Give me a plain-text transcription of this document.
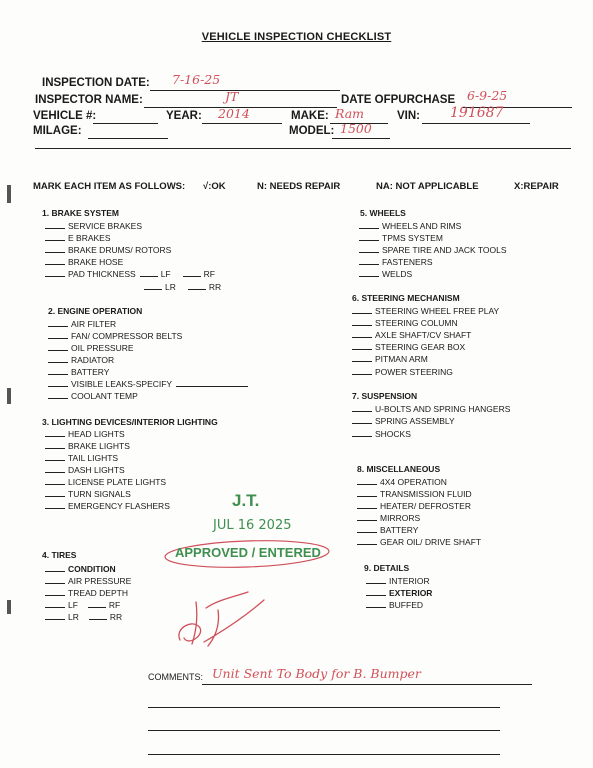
VEHICLE INSPECTION CHECKLIST
INSPECTION DATE: 7-16-25
INSPECTOR NAME:	JT	DATE OFPURCHASE 6-9-25
VEHICLE #:	YEAR: 2014	MAKE: Ram	VIN: 191687
MILAGE:	MODEL: 1500
MARK EACH ITEM AS FOLLOWS: √:OK	N: NEEDS REPAIR	NA: NOT APPLICABLE	X:REPAIR
1. BRAKE SYSTEM
SERVICE BRAKES
E BRAKES
BRAKE DRUMS/ ROTORS
BRAKE HOSE
PAD THICKNESS	LF	RF
LR	RR
2. ENGINE OPERATION
AIR FILTER
FAN/ COMPRESSOR BELTS
OIL PRESSURE
RADIATOR
BATTERY
VISIBLE LEAKS-SPECIFY
COOLANT TEMP
3. LIGHTING DEVICES/INTERIOR LIGHTING
HEAD LIGHTS
BRAKE LIGHTS
TAIL LIGHTS
DASH LIGHTS
LICENSE PLATE LIGHTS
TURN SIGNALS
EMERGENCY FLASHERS
4. TIRES
CONDITION
AIR PRESSURE
TREAD DEPTH
LF	RF
LR	RR
5. WHEELS
WHEELS AND RIMS
TPMS SYSTEM
SPARE TIRE AND JACK TOOLS
FASTENERS
WELDS
6. STEERING MECHANISM
STEERING WHEEL FREE PLAY
STEERING COLUMN
AXLE SHAFT/CV SHAFT
STEERING GEAR BOX
PITMAN ARM
POWER STEERING
7. SUSPENSION
U-BOLTS AND SPRING HANGERS
SPRING ASSEMBLY
SHOCKS
8. MISCELLANEOUS
4X4 OPERATION
TRANSMISSION FLUID
HEATER/ DEFROSTER
MIRRORS
BATTERY
GEAR OIL/ DRIVE SHAFT
9. DETAILS
INTERIOR
EXTERIOR
BUFFED
J.T.
JUL 16 2025
APPROVED / ENTERED
COMMENTS: Unit Sent To Body for B. Bumper
